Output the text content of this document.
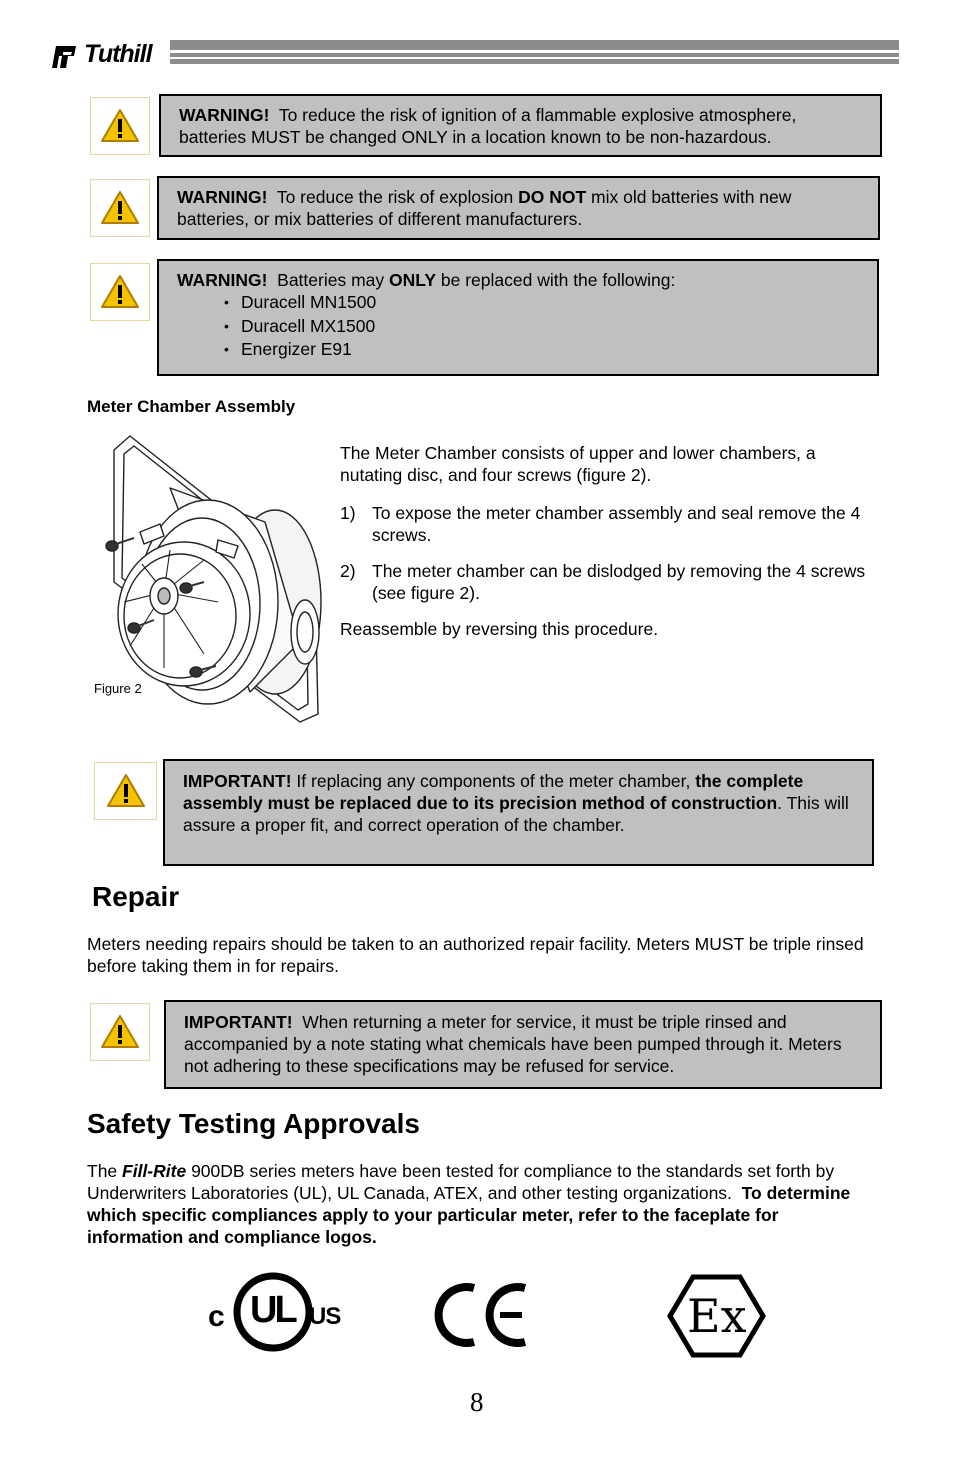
Tuthill
WARNING! To reduce the risk of ignition of a flammable explosive atmosphere, batteries MUST be changed ONLY in a location known to be non-hazardous.
WARNING! To reduce the risk of explosion DO NOT mix old batteries with new batteries, or mix batteries of different manufacturers.
WARNING! Batteries may ONLY be replaced with the following:
• Duracell MN1500
• Duracell MX1500
• Energizer E91
Meter Chamber Assembly
Figure 2
The Meter Chamber consists of upper and lower chambers, a nutating disc, and four screws (figure 2).
1) To expose the meter chamber assembly and seal remove the 4 screws.
2) The meter chamber can be dislodged by removing the 4 screws (see figure 2).
Reassemble by reversing this procedure.
IMPORTANT! If replacing any components of the meter chamber, the complete assembly must be replaced due to its precision method of construction. This will assure a proper fit, and correct operation of the chamber.
Repair
Meters needing repairs should be taken to an authorized repair facility. Meters MUST be triple rinsed before taking them in for repairs.
IMPORTANT! When returning a meter for service, it must be triple rinsed and accompanied by a note stating what chemicals have been pumped through it. Meters not adhering to these specifications may be refused for service.
Safety Testing Approvals
The Fill-Rite 900DB series meters have been tested for compliance to the standards set forth by Underwriters Laboratories (UL), UL Canada, ATEX, and other testing organizations. To determine which specific compliances apply to your particular meter, refer to the faceplate for information and compliance logos.
c UL US	Ex
8
